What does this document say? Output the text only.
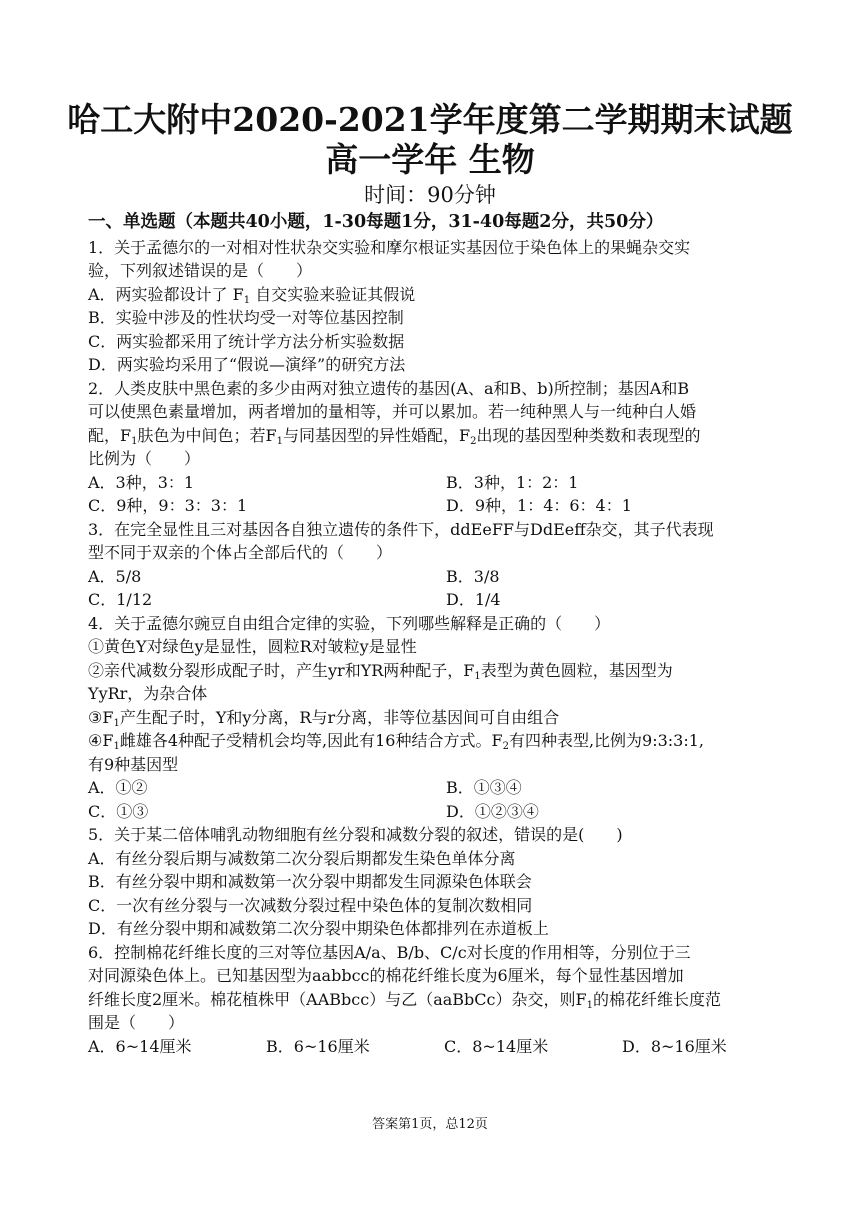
哈工大附中2020-2021学年度第二学期期末试题
高一学年 生物
时间：90分钟
一、单选题（本题共40小题，1-30每题1分，31-40每题2分，共50分）
1．关于孟德尔的一对相对性状杂交实验和摩尔根证实基因位于染色体上的果蝇杂交实
验，下列叙述错误的是（　　）
A．两实验都设计了 $F_1$ 自交实验来验证其假说
B．实验中涉及的性状均受一对等位基因控制
C．两实验都采用了统计学方法分析实验数据
D．两实验均采用了“假说—演绎”的研究方法
2．人类皮肤中黑色素的多少由两对独立遗传的基因(A、a和B、b)所控制；基因A和B
可以使黑色素量增加，两者增加的量相等，并可以累加。若一纯种黑人与一纯种白人婚
配，$F_1$肤色为中间色；若$F_1$与同基因型的异性婚配，$F_2$出现的基因型种类数和表现型的
比例为（　　）
A．3种，3：1	B．3种，1：2：1
C．9种，9：3：3：1	D．9种，1：4：6：4：1
3．在完全显性且三对基因各自独立遗传的条件下，ddEeFF与DdEeff杂交，其子代表现
型不同于双亲的个体占全部后代的（　　）
A．5/8	B．3/8
C．1/12	D．1/4
4．关于孟德尔豌豆自由组合定律的实验，下列哪些解释是正确的（　　）
①黄色Y对绿色y是显性，圆粒R对皱粒y是显性
②亲代减数分裂形成配子时，产生yr和YR两种配子，$F_1$表型为黄色圆粒，基因型为
YyRr，为杂合体
$③F_1$产生配子时，Y和y分离，R与r分离，非等位基因间可自由组合
$④F_1$雌雄各4种配子受精机会均等,因此有16种结合方式。$F_2$有四种表型,比例为9:3:3:1,
有9种基因型
A．①②	B．①③④
C．①③	D．①②③④
5．关于某二倍体哺乳动物细胞有丝分裂和减数分裂的叙述，错误的是(　　)
A．有丝分裂后期与减数第二次分裂后期都发生染色单体分离
B．有丝分裂中期和减数第一次分裂中期都发生同源染色体联会
C．一次有丝分裂与一次减数分裂过程中染色体的复制次数相同
D．有丝分裂中期和减数第二次分裂中期染色体都排列在赤道板上
6．控制棉花纤维长度的三对等位基因A/a、B/b、C/c对长度的作用相等，分别位于三
对同源染色体上。已知基因型为aabbcc的棉花纤维长度为6厘米，每个显性基因增加
纤维长度2厘米。棉花植株甲（AABbcc）与乙（aaBbCc）杂交，则$F_1$的棉花纤维长度范
围是（　　）
A．6~14厘米	B．6~16厘米	C．8~14厘米	D．8~16厘米
答案第1页，总12页
